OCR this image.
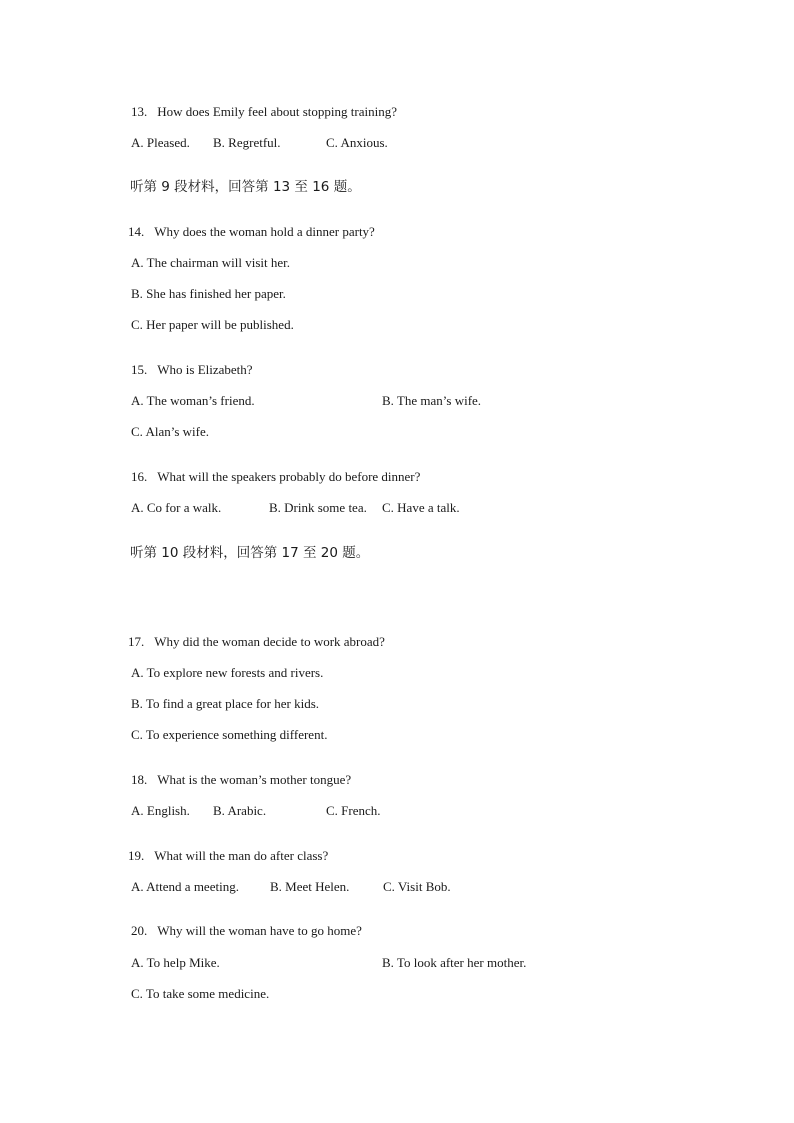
13. How does Emily feel about stopping training?
A. Pleased. B. Regretful.	C. Anxious.
听第 9 段材料，回答第 13 至 16 题。
14. Why does the woman hold a dinner party?
A. The chairman will visit her.
B. She has finished her paper.
C. Her paper will be published.
15. Who is Elizabeth?
A. The woman’s friend.	B. The man’s wife.
C. Alan’s wife.
16. What will the speakers probably do before dinner?
A. Co for a walk.	B. Drink some tea. C. Have a talk.
听第 10 段材料，回答第 17 至 20 题。
17. Why did the woman decide to work abroad?
A. To explore new forests and rivers.
B. To find a great place for her kids.
C. To experience something different.
18. What is the woman’s mother tongue?
A. English. B. Arabic.	C. French.
19. What will the man do after class?
A. Attend a meeting. B. Meet Helen.	C. Visit Bob.
20. Why will the woman have to go home?
A. To help Mike.	B. To look after her mother.
C. To take some medicine.
